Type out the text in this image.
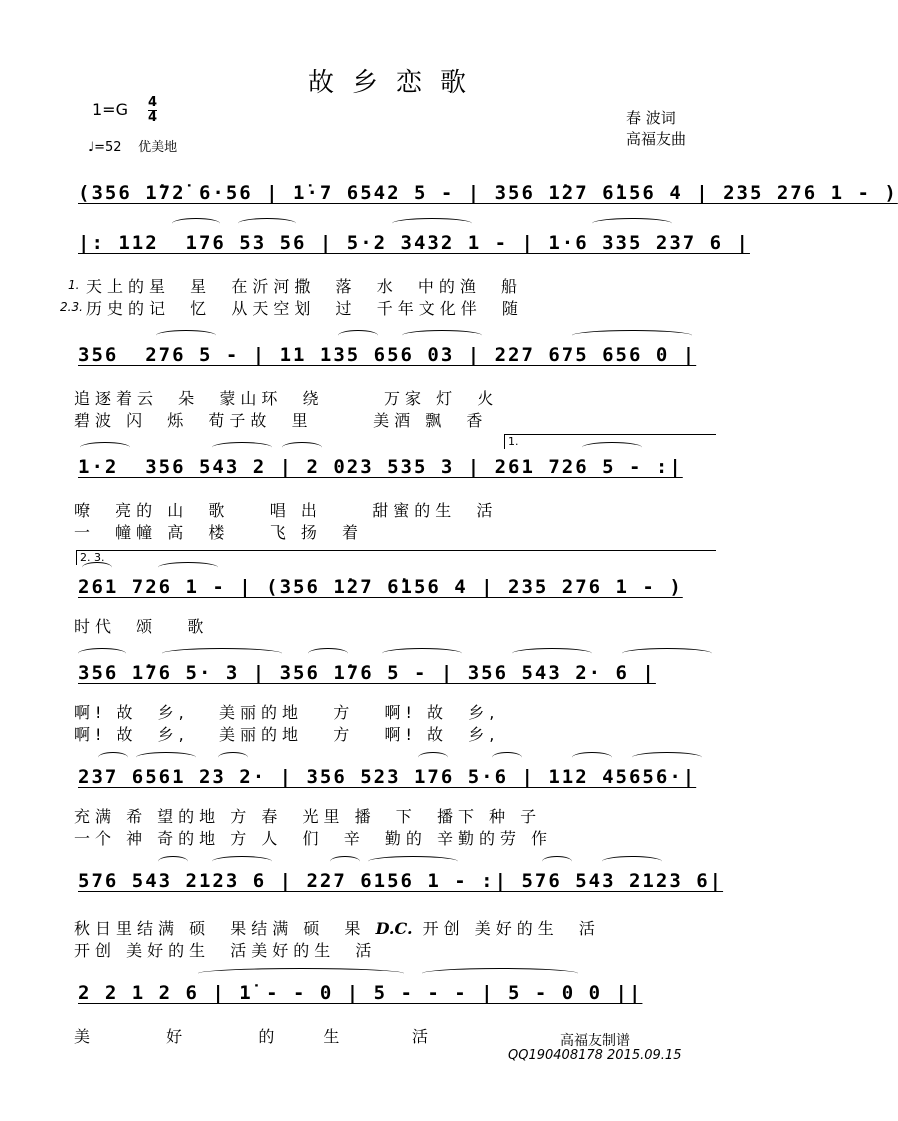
故乡恋歌
1=G 4
4
♩=52 优美地
春 波词
高福友曲
(356 1̇72̇ 6·56 | 1̇·7 6542 5 - | 356 1̇27 6̇156 4 | 235 276 1 - )
|: 112  176 53 56 | 5·2 3432 1 - | 1·6 335 237 6 |
1. 天上的星  星  在沂河撒  落  水  中的渔  船
2.3. 历史的记  忆  从天空划  过  千年文化伴  随
356  276 5 - | 11 135 656 03 | 227 675 656 0 |
追逐着云  朵  蒙山环  绕      万家 灯  火
碧波 闪  烁  荀子故  里      美酒 飘  香
1.
1·2  356 543 2 | 2 023 535 3 | 261 726 5 - :|
嘹  亮的 山  歌    唱 出     甜蜜的生  活
一  幢幢 高  楼    飞 扬  着
2. 3.
261 726 1 - | (356 1̇27 6̇156 4 | 235 276 1 - )
时代  颂   歌
356 1̇76 5· 3 | 356 1̇76 5 - | 356 543 2· 6 |
啊! 故  乡,   美丽的地   方   啊! 故  乡,
啊! 故  乡,   美丽的地   方   啊! 故  乡,
237 6561 23 2· | 356 523 176 5·6 | 112 45656·|
充满 希 望的地 方 春  光里 播  下  播下 种 子
一个 神 奇的地 方 人  们  辛  勤的 辛勤的劳 作
576 543 2123 6 | 227 6156 1 - :| 576 543 2123 6|
秋日里结满 硕  果结满 硕  果 D.C. 开创 美好的生  活
开创 美好的生  活美好的生  活
2 2 1 2 6 | 1̇ - - 0 | 5 - - - | 5 - 0 0 ||
美  好  的 生	活	高福友制谱
QQ190408178 2015.09.15
